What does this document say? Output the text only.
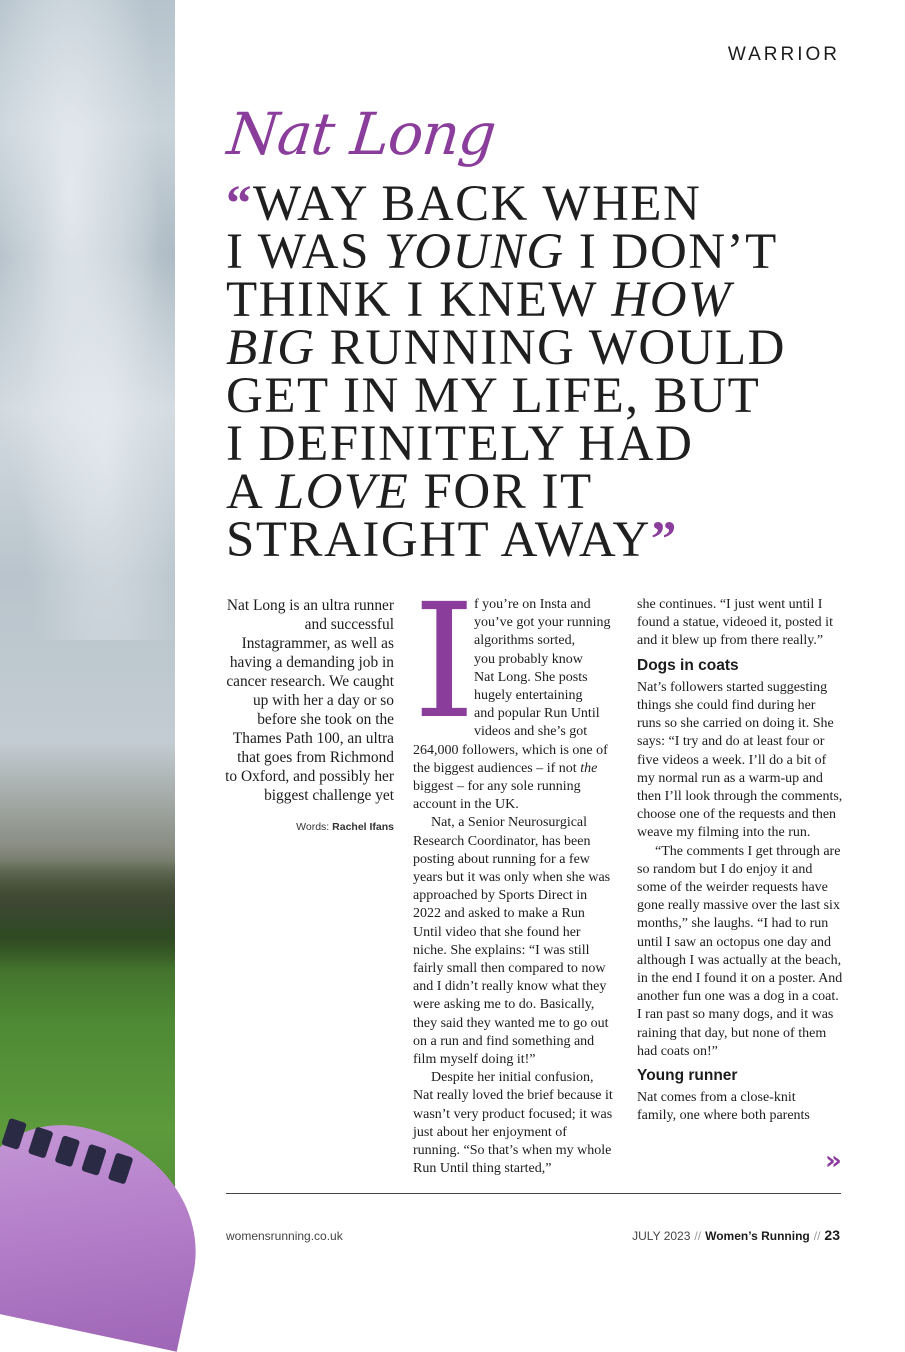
WARRIOR
Nat Long
“WAY BACK WHEN
I WAS YOUNG I DON’T
THINK I KNEW HOW
BIG RUNNING WOULD
GET IN MY LIFE, BUT
I DEFINITELY HAD
A LOVE FOR IT
STRAIGHT AWAY”
Nat Long is an ultra runner and successful Instagrammer, as well as having a demanding job in cancer research. We caught up with her a day or so before she took on the Thames Path 100, an ultra that goes from Richmond to Oxford, and possibly her biggest challenge yet
Words: Rachel Ifans
I
f you’re on Insta and
you’ve got your running
algorithms sorted,
you probably know
Nat Long. She posts
hugely entertaining
and popular Run Until
videos and she’s got

264,000 followers, which is one of the biggest audiences – if not the biggest – for any sole running account in the UK.

Nat, a Senior Neurosurgical Research Coordinator, has been posting about running for a few years but it was only when she was approached by Sports Direct in 2022 and asked to make a Run Until video that she found her niche. She explains: “I was still fairly small then compared to now and I didn’t really know what they were asking me to do. Basically, they said they wanted me to go out on a run and find something and film myself doing it!”

Despite her initial confusion, Nat really loved the brief because it wasn’t very product focused; it was just about her enjoyment of running. “So that’s when my whole Run Until thing started,”

she continues. “I just went until I found a statue, videoed it, posted it and it blew up from there really.”

Dogs in coats

Nat’s followers started suggesting things she could find during her runs so she carried on doing it. She says: “I try and do at least four or five videos a week. I’ll do a bit of my normal run as a warm-up and then I’ll look through the comments, choose one of the requests and then weave my filming into the run.

“The comments I get through are so random but I do enjoy it and some of the weirder requests have gone really massive over the last six months,” she laughs. “I had to run until I saw an octopus one day and although I was actually at the beach, in the end I found it on a poster. And another fun one was a dog in a coat. I ran past so many dogs, and it was raining that day, but none of them had coats on!”

Young runner

Nat comes from a close-knit family, one where both parents

»
womensrunning.co.uk	JULY 2023 // Women’s Running // 23
